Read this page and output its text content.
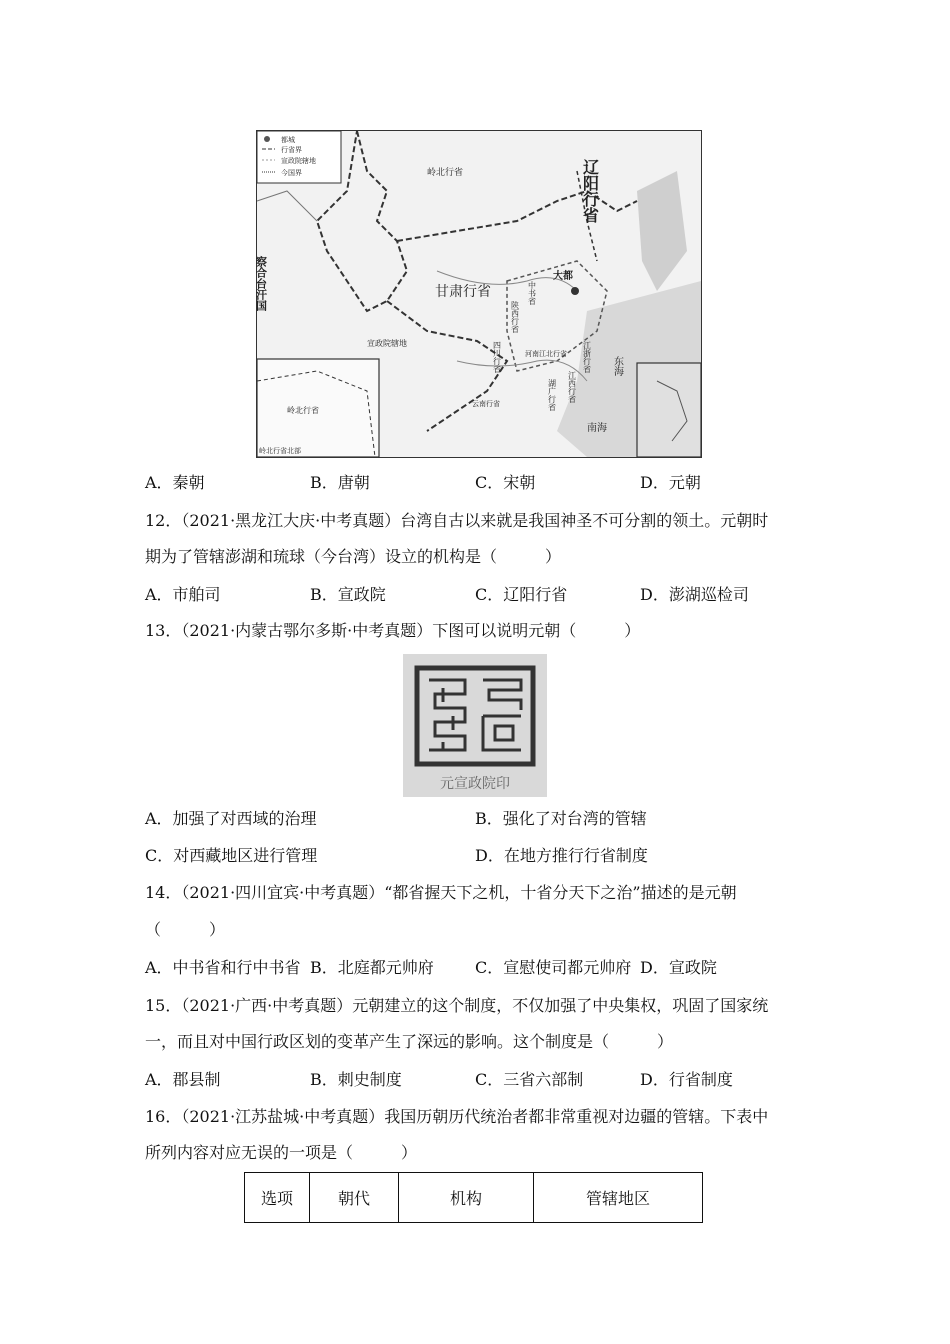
都城
行省界
宣政院辖地
今国界	辽阳行省
岭北行省
察合台汗国	甘肃行省
大都
中书省
宣政院辖地
陕西行省
四川行省	河南江北行省 江浙行省
江西行省
湖广行省
云南行省
东海
南海
岭北行省
岭北行省北部
A．秦朝	B．唐朝	C．宋朝	D．元朝
12．（2021·黑龙江大庆·中考真题）台湾自古以来就是我国神圣不可分割的领土。元朝时
期为了管辖澎湖和琉球（今台湾）设立的机构是（　　　）
A．市舶司	B．宣政院	C．辽阳行省	D．澎湖巡检司
13．（2021·内蒙古鄂尔多斯·中考真题）下图可以说明元朝（　　　）
元宣政院印
A．加强了对西域的治理	B．强化了对台湾的管辖
C．对西藏地区进行管理	D．在地方推行行省制度
14．（2021·四川宜宾·中考真题）“都省握天下之机，十省分天下之治”描述的是元朝
（　　　）
A．中书省和行中书省 B．北庭都元帅府	C．宣慰使司都元帅府 D．宣政院
15．（2021·广西·中考真题）元朝建立的这个制度，不仅加强了中央集权，巩固了国家统
一，而且对中国行政区划的变革产生了深远的影响。这个制度是（　　　）
A．郡县制	B．刺史制度	C．三省六部制	D．行省制度
16．（2021·江苏盐城·中考真题）我国历朝历代统治者都非常重视对边疆的管辖。下表中
所列内容对应无误的一项是（　　　）
选项	朝代	机构	管辖地区
